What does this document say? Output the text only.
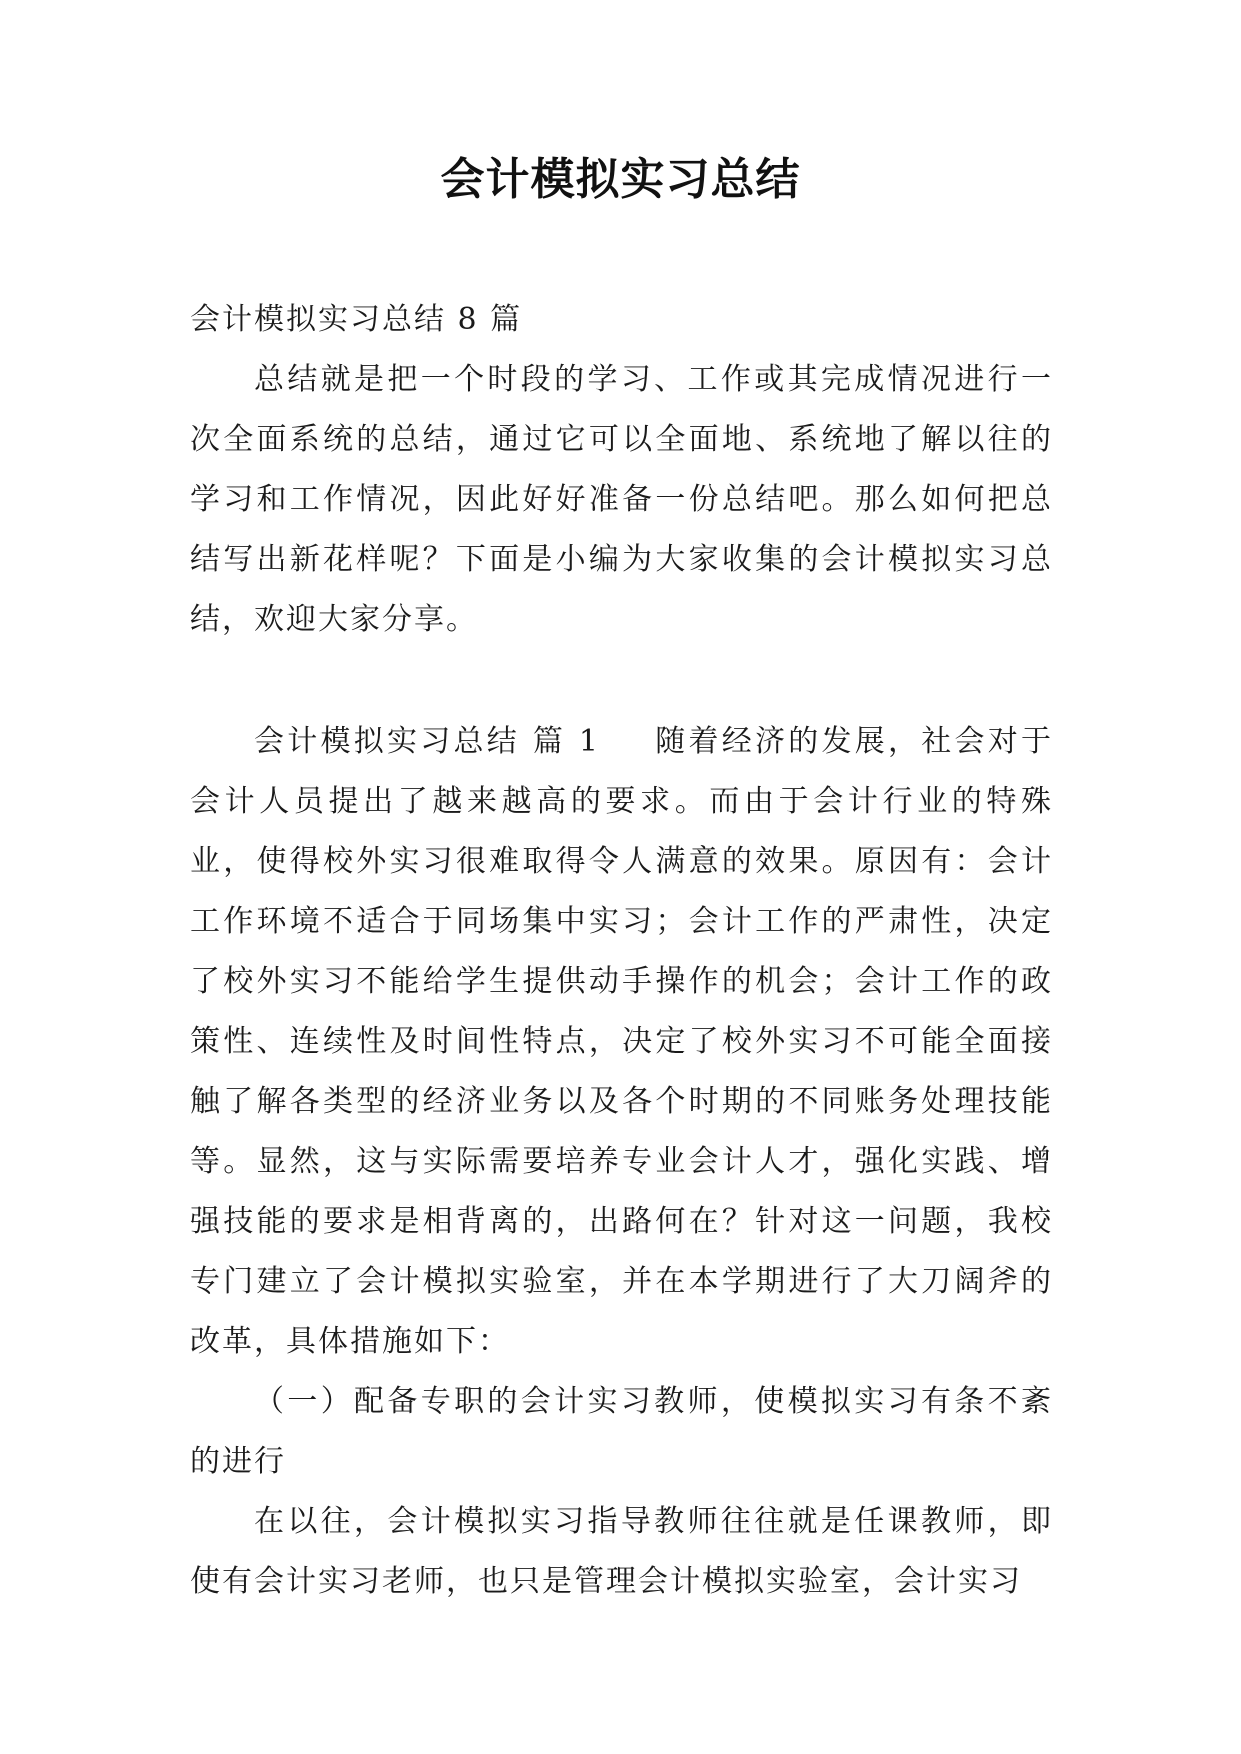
会计模拟实习总结

会计模拟实习总结 8 篇

总结就是把一个时段的学习、工作或其完成情况进行一次全面系统的总结，通过它可以全面地、系统地了解以往的学习和工作情况，因此好好准备一份总结吧。那么如何把总结写出新花样呢？下面是小编为大家收集的会计模拟实习总结，欢迎大家分享。

会计模拟实习总结 篇 1 随着经济的发展，社会对于会计人员提出了越来越高的要求。而由于会计行业的特殊业，使得校外实习很难取得令人满意的效果。原因有：会计工作环境不适合于同场集中实习；会计工作的严肃性，决定了校外实习不能给学生提供动手操作的机会；会计工作的政策性、连续性及时间性特点，决定了校外实习不可能全面接触了解各类型的经济业务以及各个时期的不同账务处理技能等。显然，这与实际需要培养专业会计人才，强化实践、增强技能的要求是相背离的，出路何在？针对这一问题，我校专门建立了会计模拟实验室，并在本学期进行了大刀阔斧的改革，具体措施如下：

（一）配备专职的会计实习教师，使模拟实习有条不紊的进行

在以往，会计模拟实习指导教师往往就是任课教师，即使有会计实习老师，也只是管理会计模拟实验室，会计实习
